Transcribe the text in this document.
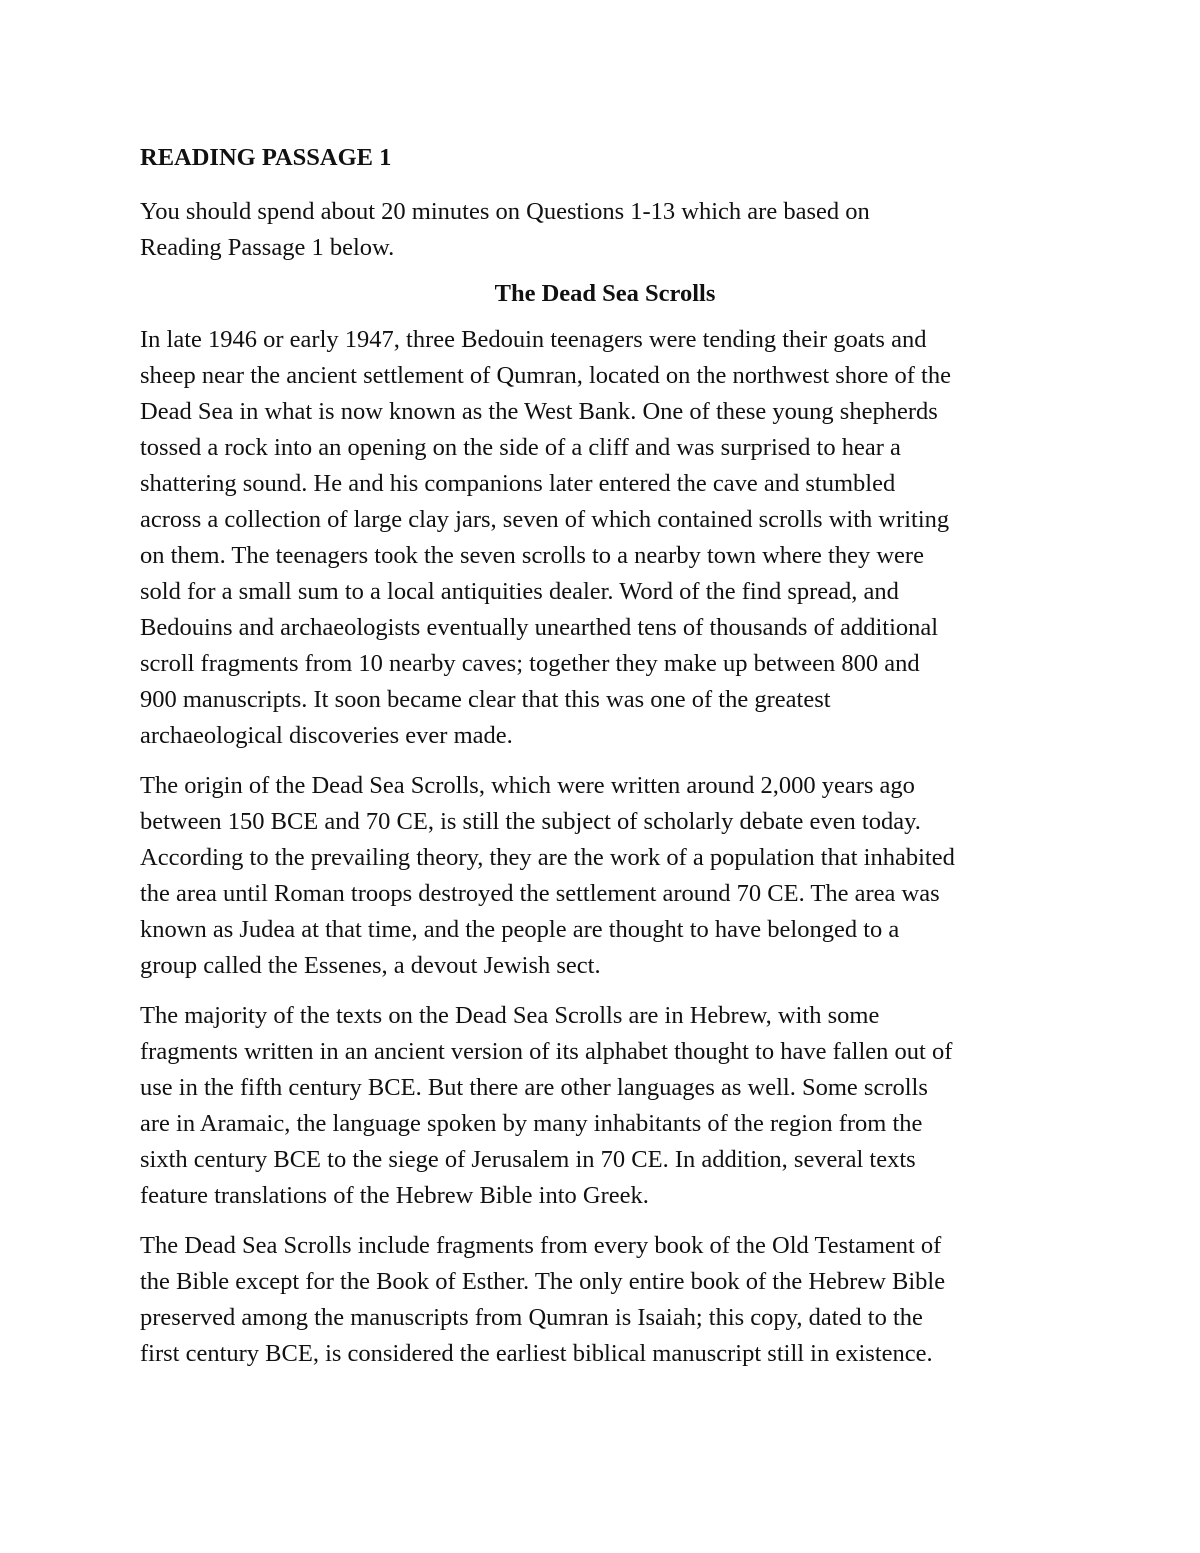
READING PASSAGE 1
You should spend about 20 minutes on Questions 1-13 which are based on
Reading Passage 1 below.
The Dead Sea Scrolls
In late 1946 or early 1947, three Bedouin teenagers were tending their goats and
sheep near the ancient settlement of Qumran, located on the northwest shore of the
Dead Sea in what is now known as the West Bank. One of these young shepherds
tossed a rock into an opening on the side of a cliff and was surprised to hear a
shattering sound. He and his companions later entered the cave and stumbled
across a collection of large clay jars, seven of which contained scrolls with writing
on them. The teenagers took the seven scrolls to a nearby town where they were
sold for a small sum to a local antiquities dealer. Word of the find spread, and
Bedouins and archaeologists eventually unearthed tens of thousands of additional
scroll fragments from 10 nearby caves; together they make up between 800 and
900 manuscripts. It soon became clear that this was one of the greatest
archaeological discoveries ever made.
The origin of the Dead Sea Scrolls, which were written around 2,000 years ago
between 150 BCE and 70 CE, is still the subject of scholarly debate even today.
According to the prevailing theory, they are the work of a population that inhabited
the area until Roman troops destroyed the settlement around 70 CE. The area was
known as Judea at that time, and the people are thought to have belonged to a
group called the Essenes, a devout Jewish sect.
The majority of the texts on the Dead Sea Scrolls are in Hebrew, with some
fragments written in an ancient version of its alphabet thought to have fallen out of
use in the fifth century BCE. But there are other languages as well. Some scrolls
are in Aramaic, the language spoken by many inhabitants of the region from the
sixth century BCE to the siege of Jerusalem in 70 CE. In addition, several texts
feature translations of the Hebrew Bible into Greek.
The Dead Sea Scrolls include fragments from every book of the Old Testament of
the Bible except for the Book of Esther. The only entire book of the Hebrew Bible
preserved among the manuscripts from Qumran is Isaiah; this copy, dated to the
first century BCE, is considered the earliest biblical manuscript still in existence.
